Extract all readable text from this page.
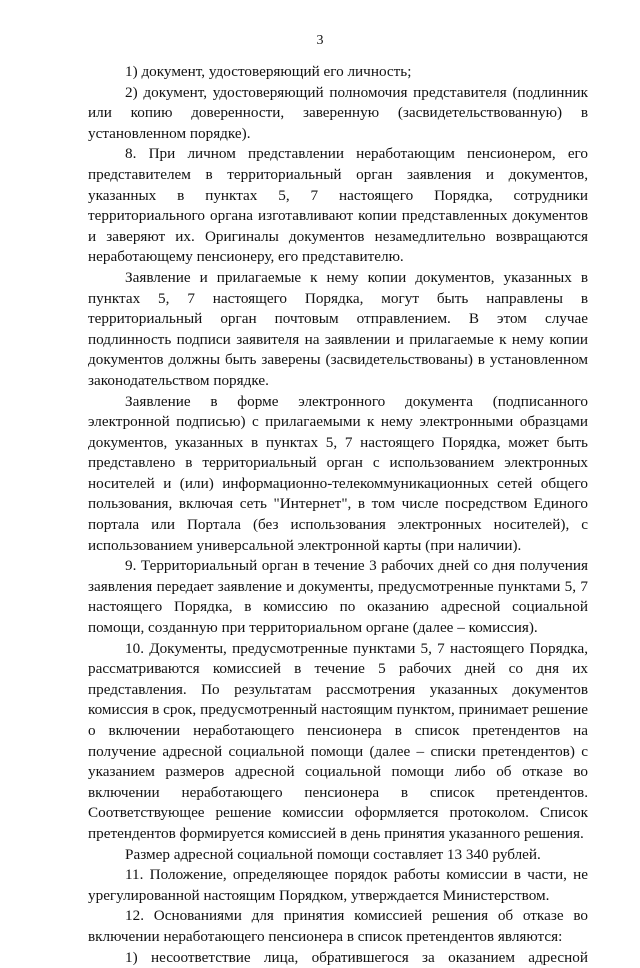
3

1) документ, удостоверяющий его личность;

2) документ, удостоверяющий полномочия представителя (подлинник или копию доверенности, заверенную (засвидетельствованную) в установленном порядке).

8. При личном представлении неработающим пенсионером, его представителем в территориальный орган заявления и документов, указанных в пунктах 5, 7 настоящего Порядка, сотрудники территориального органа изготавливают копии представленных документов и заверяют их. Оригиналы документов незамедлительно возвращаются неработающему пенсионеру, его представителю.

Заявление и прилагаемые к нему копии документов, указанных в пунктах 5, 7 настоящего Порядка, могут быть направлены в территориальный орган почтовым отправлением. В этом случае подлинность подписи заявителя на заявлении и прилагаемые к нему копии документов должны быть заверены (засвидетельствованы) в установленном законодательством порядке.

Заявление в форме электронного документа (подписанного электронной подписью) с прилагаемыми к нему электронными образцами документов, указанных в пунктах 5, 7 настоящего Порядка, может быть представлено в территориальный орган с использованием электронных носителей и (или) информационно-телекоммуникационных сетей общего пользования, включая сеть "Интернет", в том числе посредством Единого портала или Портала (без использования электронных носителей), с использованием универсальной электронной карты (при наличии).

9. Территориальный орган в течение 3 рабочих дней со дня получения заявления передает заявление и документы, предусмотренные пунктами 5, 7 настоящего Порядка, в комиссию по оказанию адресной социальной помощи, созданную при территориальном органе (далее – комиссия).

10. Документы, предусмотренные пунктами 5, 7 настоящего Порядка, рассматриваются комиссией в течение 5 рабочих дней со дня их представления. По результатам рассмотрения указанных документов комиссия в срок, предусмотренный настоящим пунктом, принимает решение о включении неработающего пенсионера в список претендентов на получение адресной социальной помощи (далее – списки претендентов) с указанием размеров адресной социальной помощи либо об отказе во включении неработающего пенсионера в список претендентов. Соответствующее решение комиссии оформляется протоколом. Список претендентов формируется комиссией в день принятия указанного решения.

Размер адресной социальной помощи составляет 13 340 рублей.

11. Положение, определяющее порядок работы комиссии в части, не урегулированной настоящим Порядком, утверждается Министерством.

12. Основаниями для принятия комиссией решения об отказе во включении неработающего пенсионера в список претендентов являются:

1) несоответствие лица, обратившегося за оказанием адресной
